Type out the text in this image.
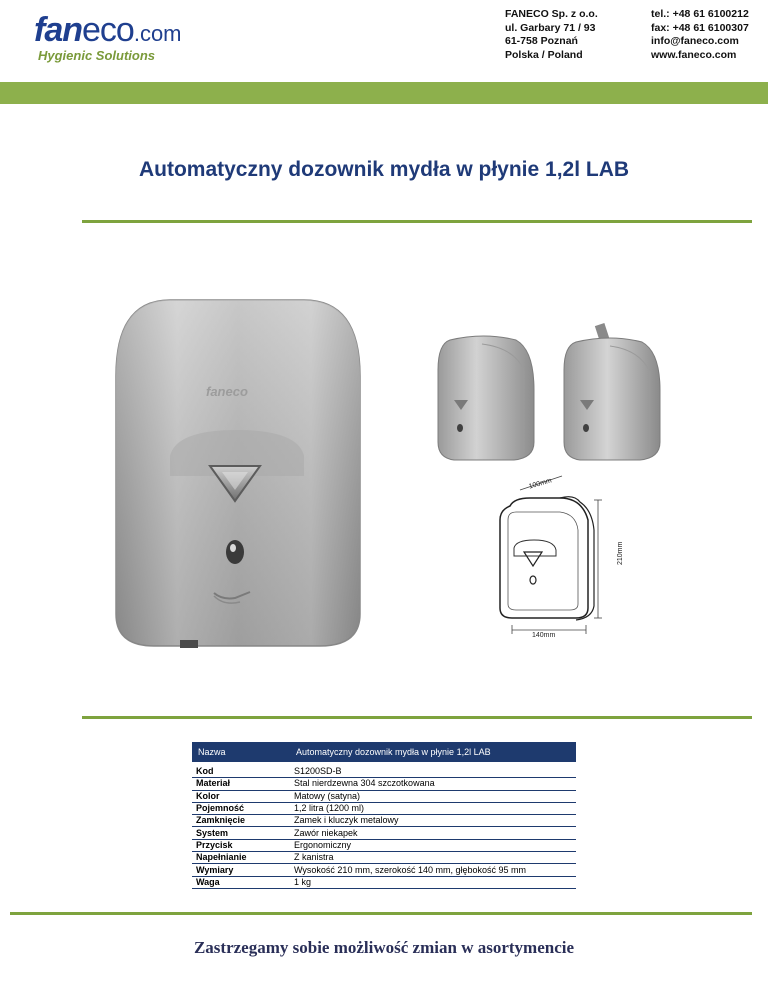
faneco.com
Hygienic Solutions
FANECO Sp. z o.o.
ul. Garbary 71 / 93
61-758 Poznań
Polska / Poland
tel.: +48 61 6100212
fax: +48 61 6100307
info@faneco.com
www.faneco.com
Automatyczny dozownik mydła w płynie 1,2l LAB
faneco
100mm
210mm
140mm
Nazwa	Automatyczny dozownik mydła w płynie 1,2l LAB

Kod	S1200SD-B
Materiał	Stal nierdzewna 304 szczotkowana
Kolor	Matowy (satyna)
Pojemność	1,2 litra (1200 ml)
Zamknięcie	Zamek i kluczyk metalowy
System	Zawór niekapek
Przycisk	Ergonomiczny
Napełnianie	Z kanistra
Wymiary	Wysokość 210 mm, szerokość 140 mm, głębokość 95 mm
Waga	1 kg
Zastrzegamy sobie możliwość zmian w asortymencie
